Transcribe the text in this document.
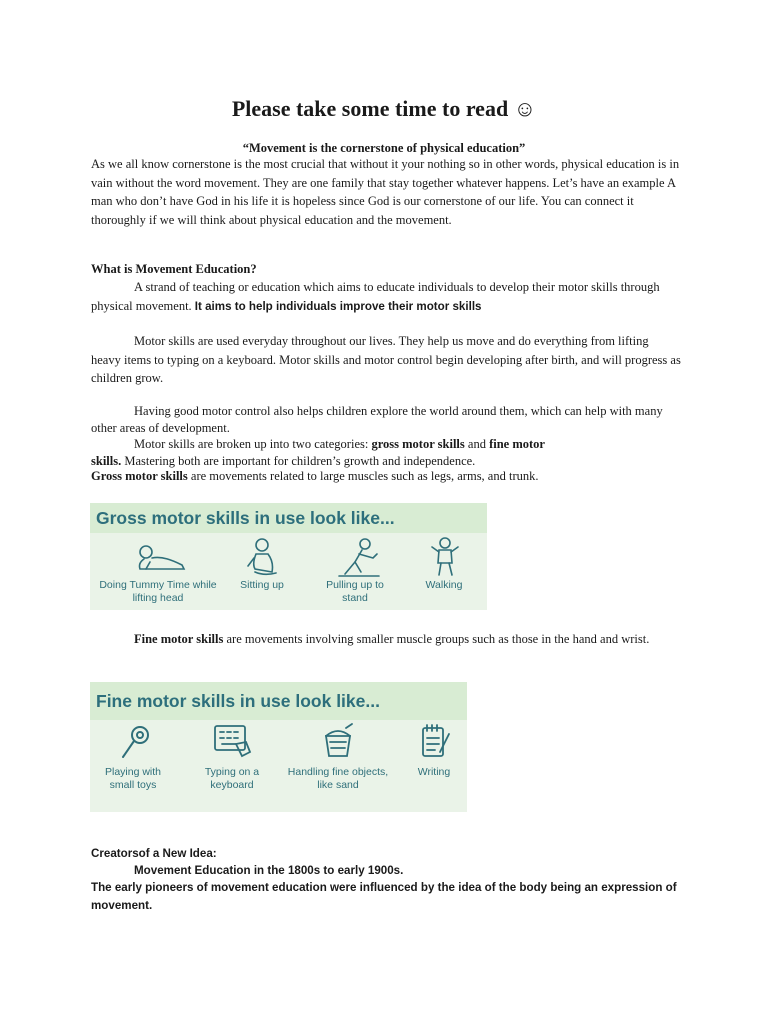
Please take some time to read ☺
“Movement is the cornerstone of physical education”
As we all know cornerstone is the most crucial that without it your nothing so in other words, physical education is in vain without the word movement. They are one family that stay together whatever happens. Let’s have an example A man who don’t have God in his life it is hopeless since God is our cornerstone of our life. You can connect it thoroughly if we will think about physical education and the movement.
What is Movement Education?
A strand of teaching or education which aims to educate individuals to develop their motor skills through physical movement. It aims to help individuals improve their motor skills
Motor skills are used everyday throughout our lives. They help us move and do everything from lifting heavy items to typing on a keyboard. Motor skills and motor control begin developing after birth, and will progress as children grow.
Having good motor control also helps children explore the world around them, which can help with many other areas of development.
Motor skills are broken up into two categories: gross motor skills and fine motor
skills. Mastering both are important for children’s growth and independence.
Gross motor skills are movements related to large muscles such as legs, arms, and trunk.
Gross motor skills in use look like...
Doing Tummy Time while lifting head
Sitting up	Pulling up to stand
Walking
Fine motor skills are movements involving smaller muscle groups such as those in the hand and wrist.
Fine motor skills in use look like...
Playing with small toys
Typing on a keyboard
Handling fine objects, like sand
Writing
Creatorsof a New Idea:
Movement Education in the 1800s to early 1900s.
The early pioneers of movement education were influenced by the idea of the body being an expression of movement.
